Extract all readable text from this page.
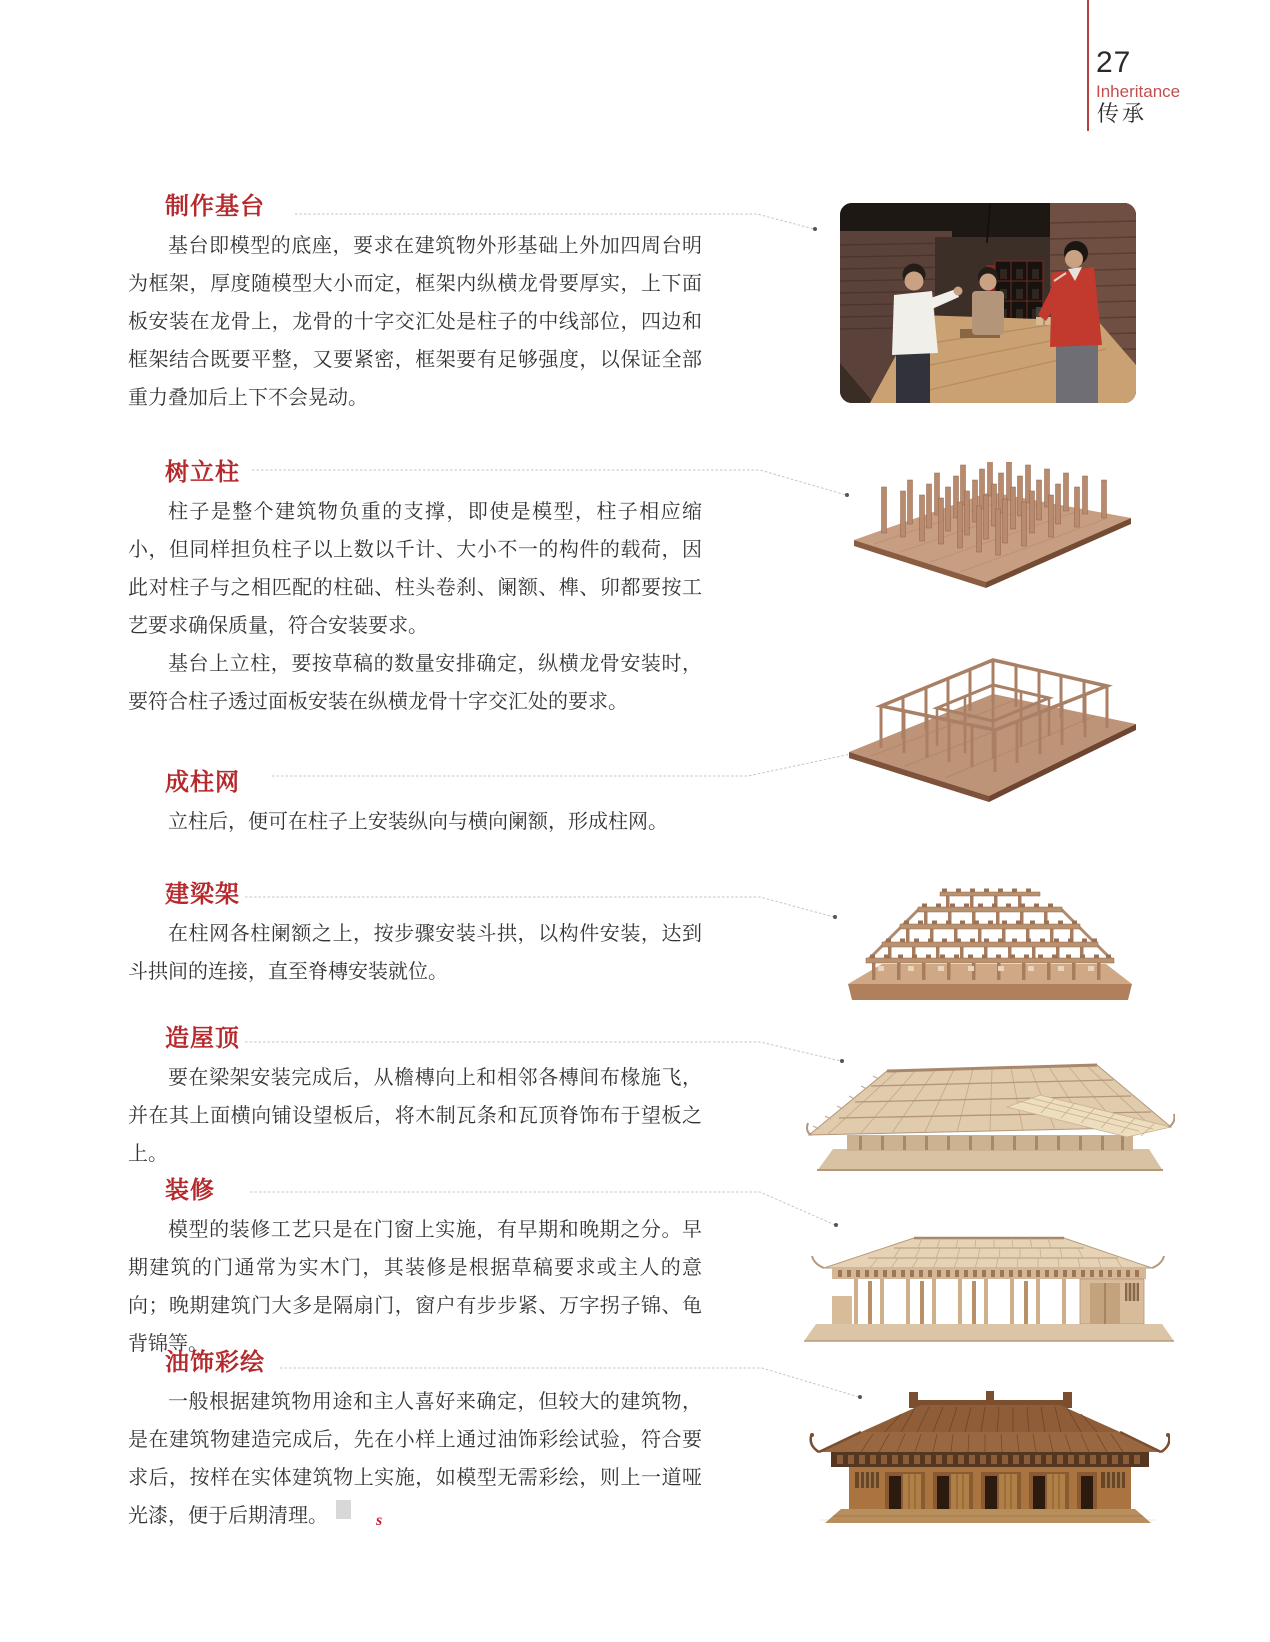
27
Inheritance
传承
制作基台

基台即模型的底座，要求在建筑物外形基础上外加四周台明为框架，厚度随模型大小而定，框架内纵横龙骨要厚实，上下面板安装在龙骨上，龙骨的十字交汇处是柱子的中线部位，四边和框架结合既要平整，又要紧密，框架要有足够强度，以保证全部重力叠加后上下不会晃动。

树立柱

柱子是整个建筑物负重的支撑，即使是模型，柱子相应缩小，但同样担负柱子以上数以千计、大小不一的构件的载荷，因此对柱子与之相匹配的柱础、柱头卷刹、阑额、榫、卯都要按工艺要求确保质量，符合安装要求。

基台上立柱，要按草稿的数量安排确定，纵横龙骨安装时，要符合柱子透过面板安装在纵横龙骨十字交汇处的要求。

成柱网

立柱后，便可在柱子上安装纵向与横向阑额，形成柱网。

建梁架

在柱网各柱阑额之上，按步骤安装斗拱，以构件安装，达到斗拱间的连接，直至脊槫安装就位。

造屋顶

要在梁架安装完成后，从檐槫向上和相邻各槫间布椽施飞，并在其上面横向铺设望板后，将木制瓦条和瓦顶脊饰布于望板之上。

装修

模型的装修工艺只是在门窗上实施，有早期和晚期之分。早期建筑的门通常为实木门，其装修是根据草稿要求或主人的意向；晚期建筑门大多是隔扇门，窗户有步步紧、万字拐子锦、龟背锦等。

油饰彩绘

一般根据建筑物用途和主人喜好来确定，但较大的建筑物，是在建筑物建造完成后，先在小样上通过油饰彩绘试验，符合要求后，按样在实体建筑物上实施，如模型无需彩绘，则上一道哑光漆，便于后期清理。	s
